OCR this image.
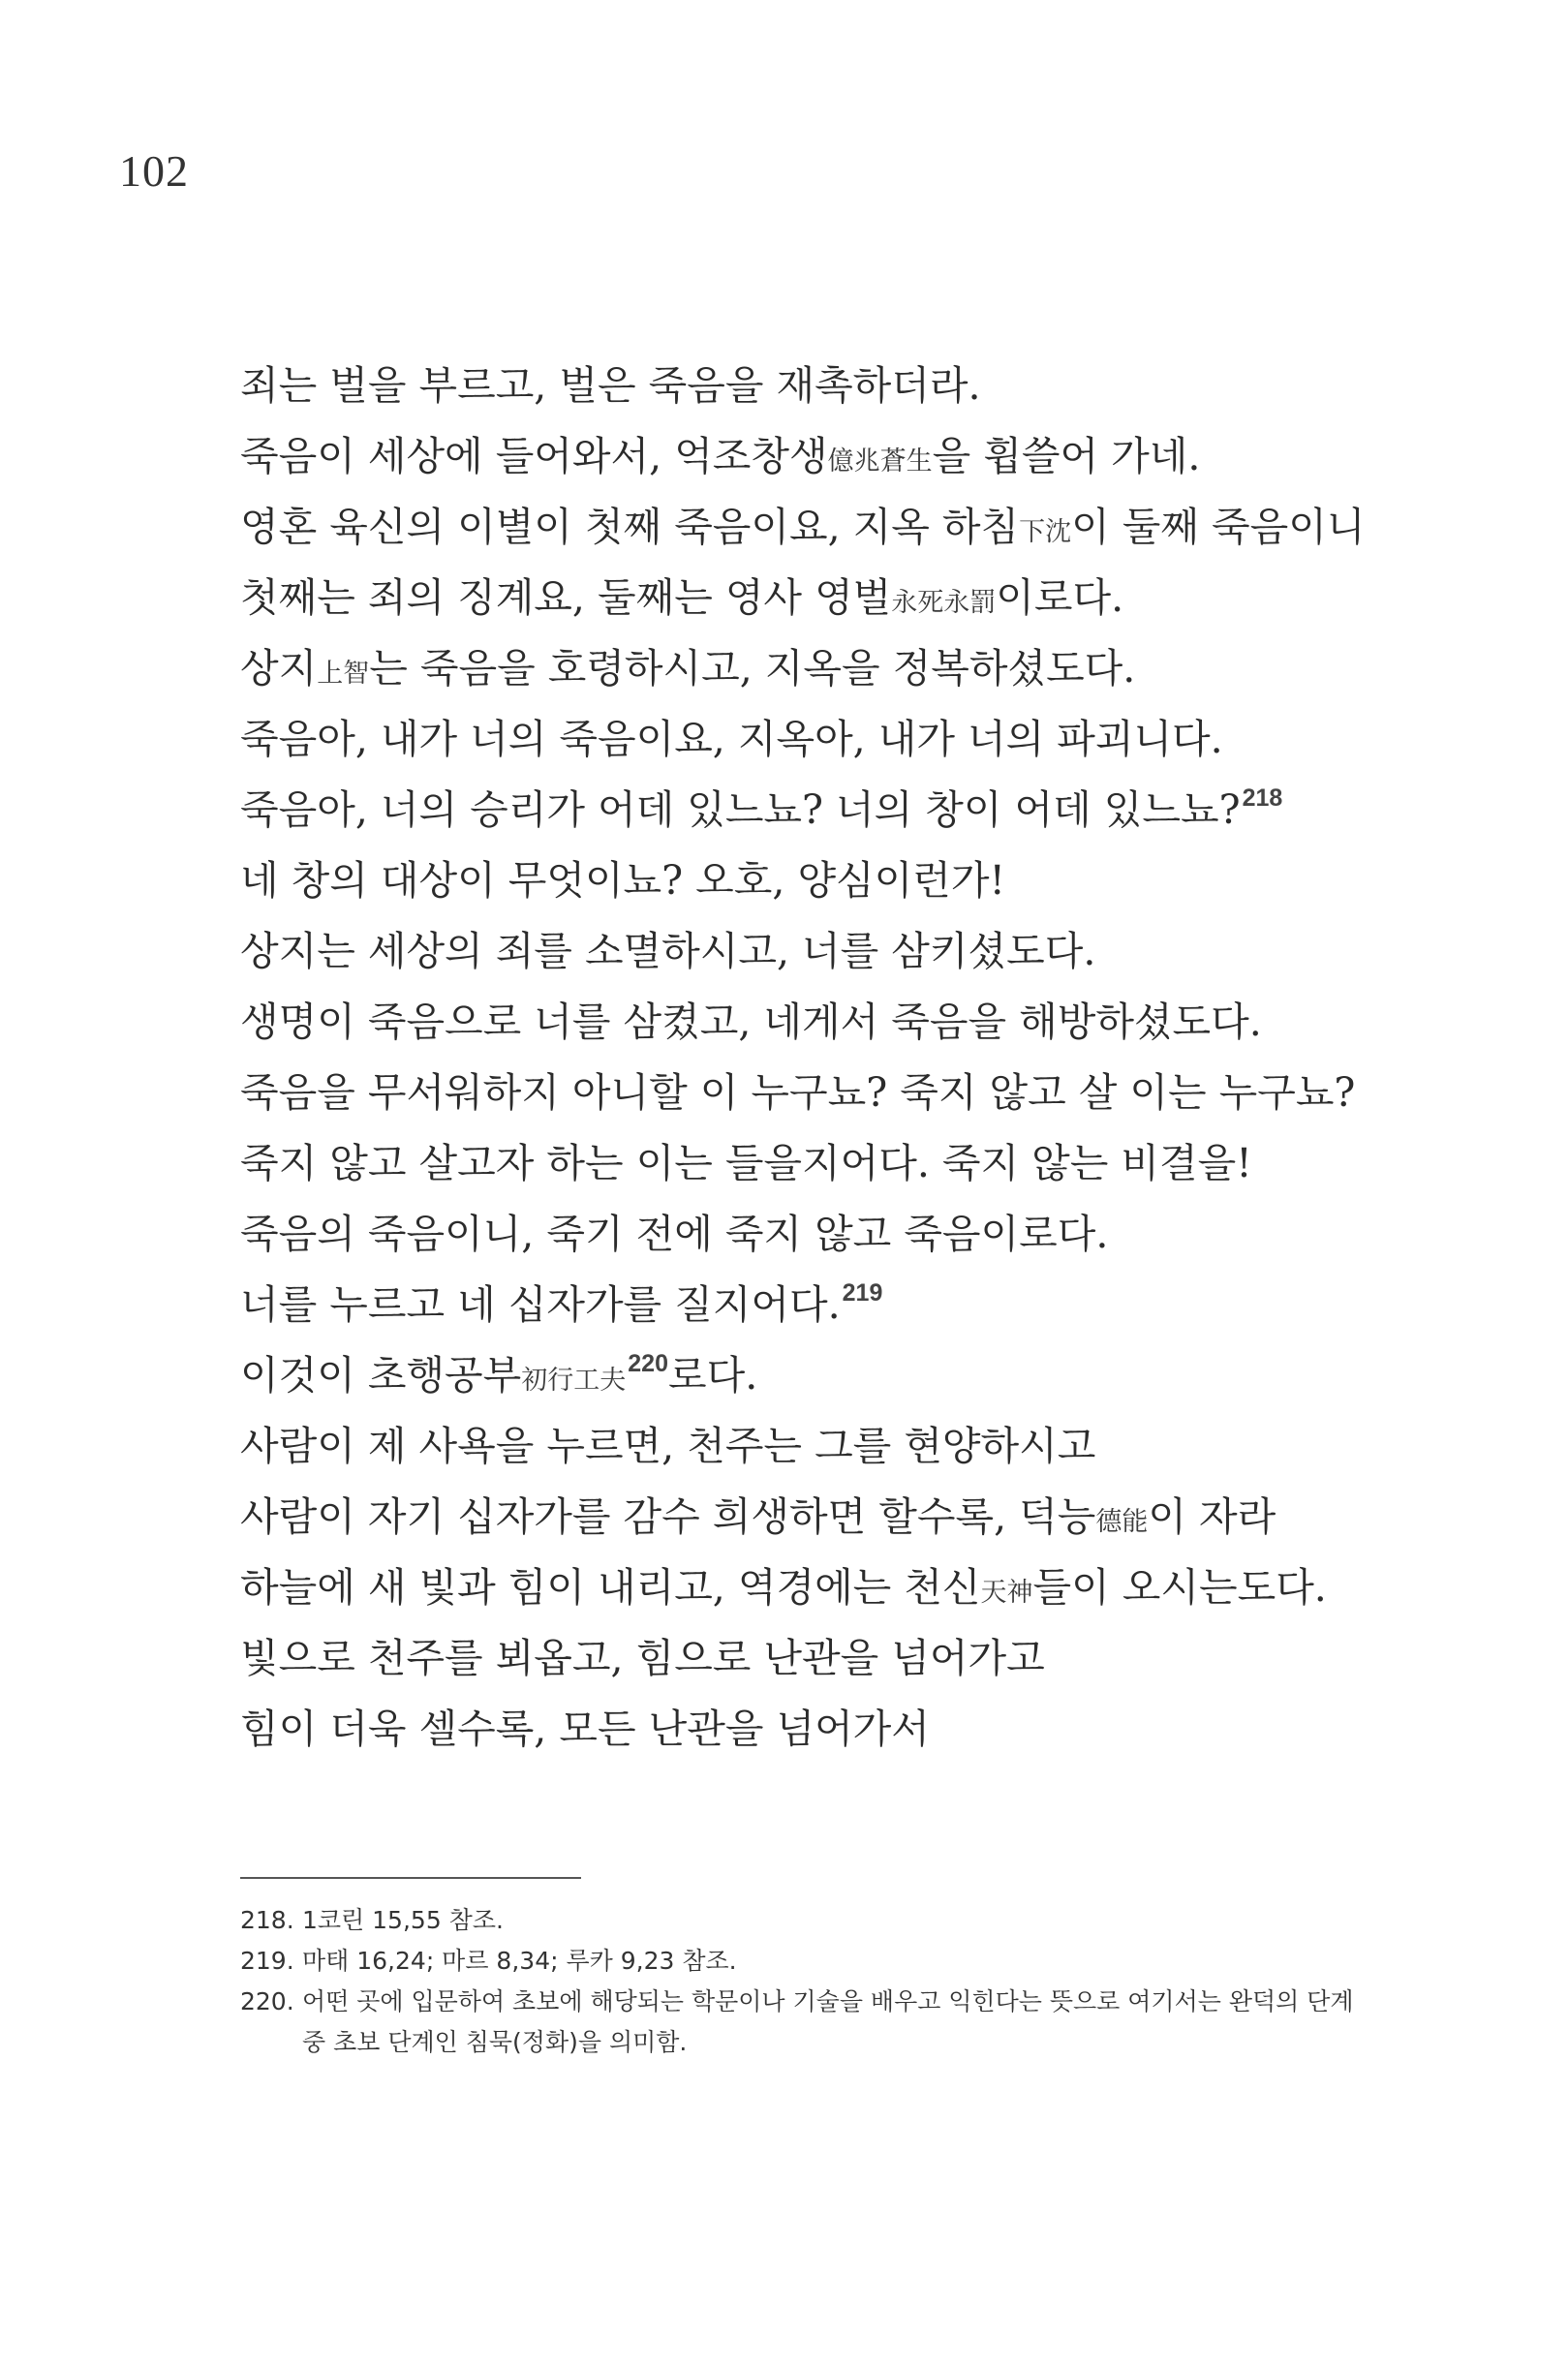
102
죄는 벌을 부르고, 벌은 죽음을 재촉하더라.
죽음이 세상에 들어와서, 억조창생億兆蒼生을 휩쓸어 가네.
영혼 육신의 이별이 첫째 죽음이요, 지옥 하침下沈이 둘째 죽음이니
첫째는 죄의 징계요, 둘째는 영사 영벌永死永罰이로다.
상지上智는 죽음을 호령하시고, 지옥을 정복하셨도다.
죽음아, 내가 너의 죽음이요, 지옥아, 내가 너의 파괴니다.
죽음아, 너의 승리가 어데 있느뇨? 너의 창이 어데 있느뇨?$^{218}$
네 창의 대상이 무엇이뇨? 오호, 양심이런가!
상지는 세상의 죄를 소멸하시고, 너를 삼키셨도다.
생명이 죽음으로 너를 삼켰고, 네게서 죽음을 해방하셨도다.
죽음을 무서워하지 아니할 이 누구뇨? 죽지 않고 살 이는 누구뇨?
죽지 않고 살고자 하는 이는 들을지어다. 죽지 않는 비결을!
죽음의 죽음이니, 죽기 전에 죽지 않고 죽음이로다.
너를 누르고 네 십자가를 질지어다.$^{219}$
이것이 초행공부初行工夫$^{220}$로다.
사람이 제 사욕을 누르면, 천주는 그를 현양하시고
사람이 자기 십자가를 감수 희생하면 할수록, 덕능德能이 자라
하늘에 새 빛과 힘이 내리고, 역경에는 천신天神들이 오시는도다.
빛으로 천주를 뵈옵고, 힘으로 난관을 넘어가고
힘이 더욱 셀수록, 모든 난관을 넘어가서
218. 1코린 15,55 참조.
219. 마태 16,24; 마르 8,34; 루카 9,23 참조.
220. 어떤 곳에 입문하여 초보에 해당되는 학문이나 기술을 배우고 익힌다는 뜻으로 여기서는 완덕의 단계중 초보 단계인 침묵(정화)을 의미함.
